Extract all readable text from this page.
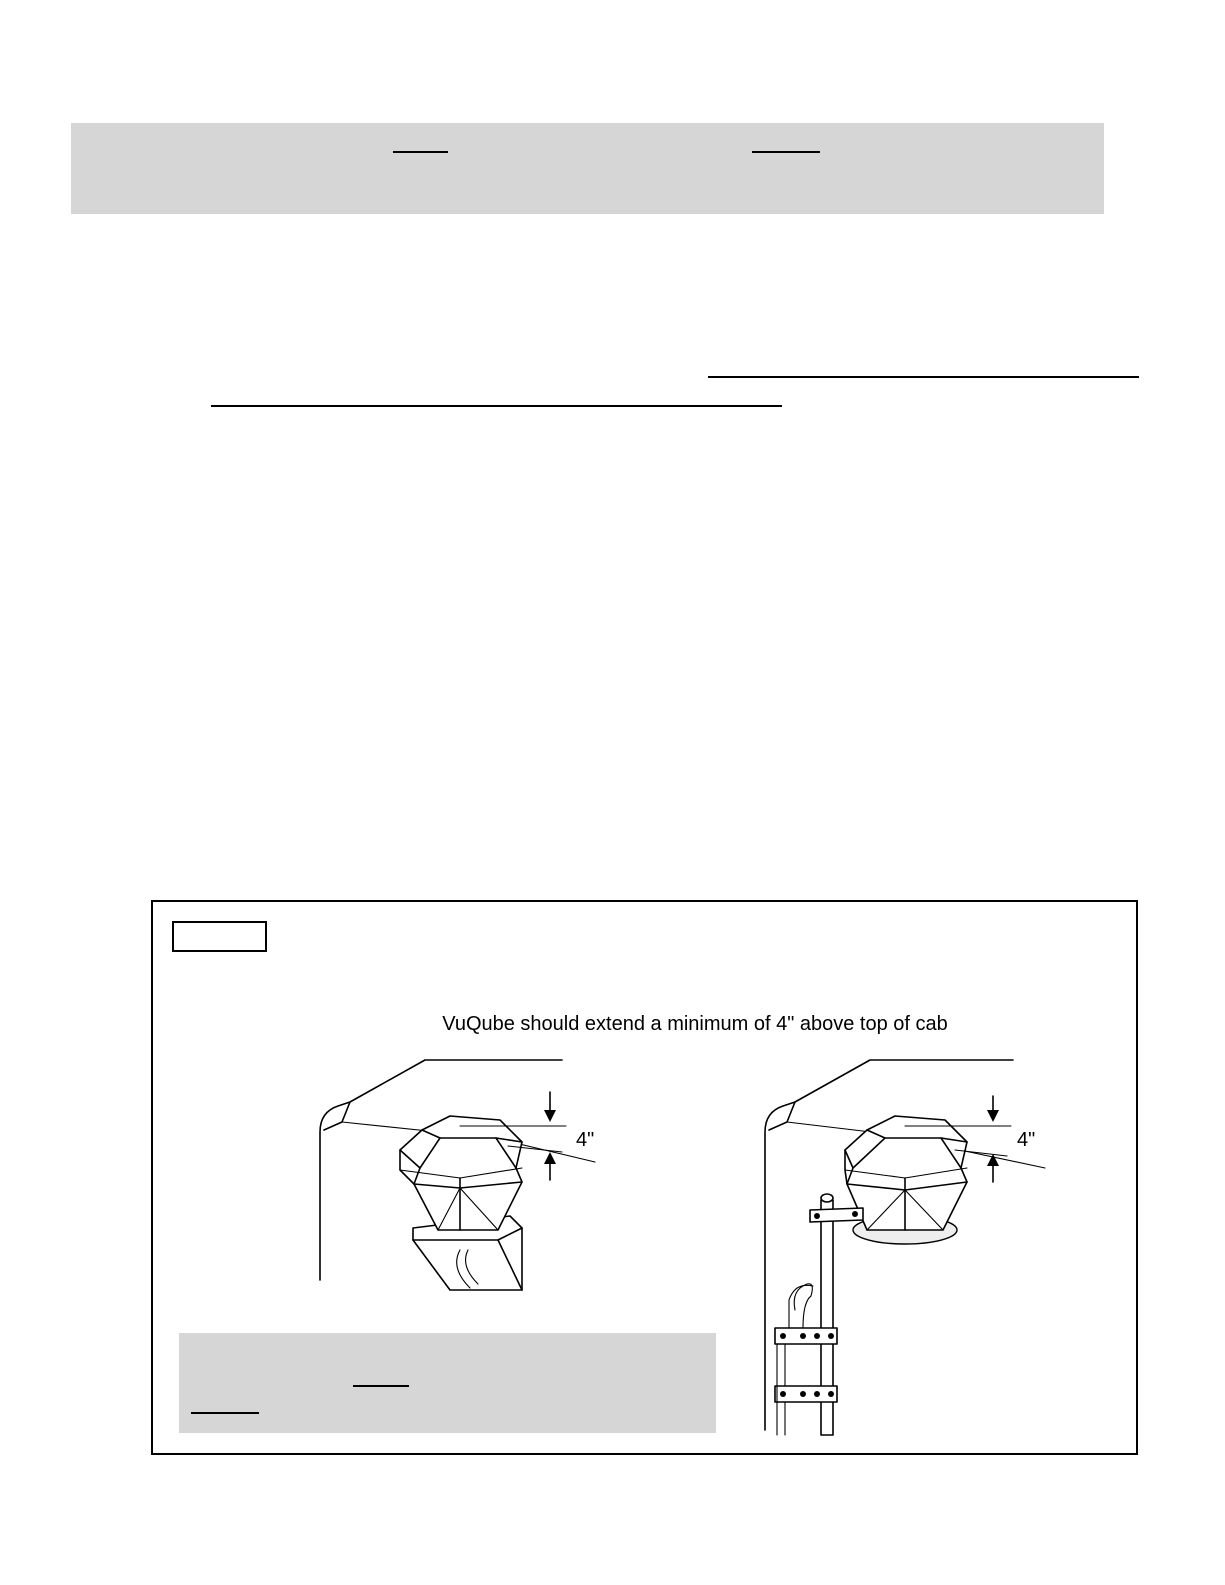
VuQube should extend a minimum of 4" above top of cab
4"	4"
